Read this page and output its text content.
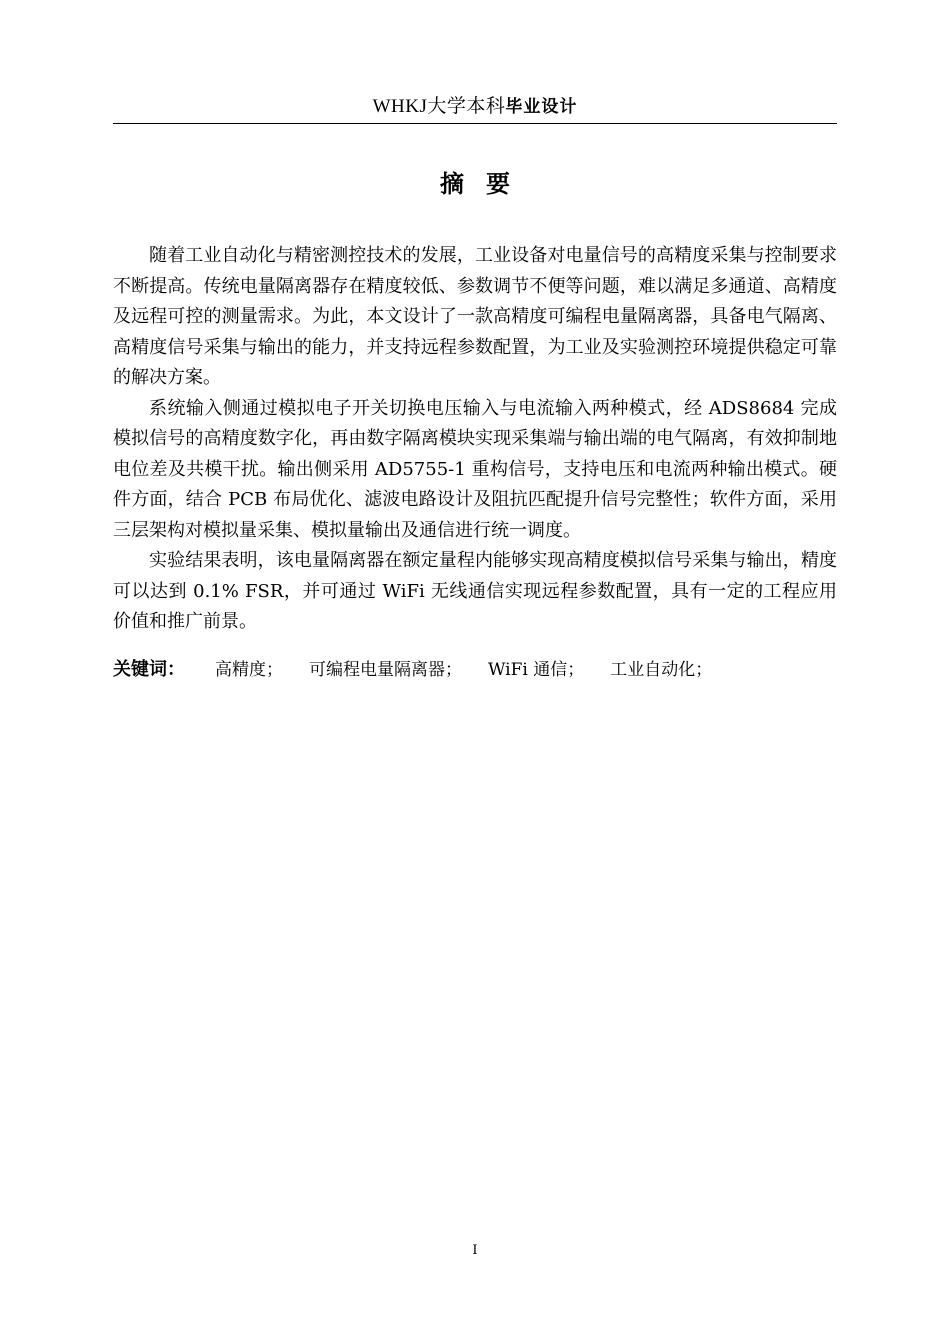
WHKJ大学本科毕业设计
摘要

随着工业自动化与精密测控技术的发展，工业设备对电量信号的高精度采集与控制要求不断提高。传统电量隔离器存在精度较低、参数调节不便等问题，难以满足多通道、高精度及远程可控的测量需求。为此，本文设计了一款高精度可编程电量隔离器，具备电气隔离、高精度信号采集与输出的能力，并支持远程参数配置，为工业及实验测控环境提供稳定可靠的解决方案。

系统输入侧通过模拟电子开关切换电压输入与电流输入两种模式，经 ADS8684 完成模拟信号的高精度数字化，再由数字隔离模块实现采集端与输出端的电气隔离，有效抑制地电位差及共模干扰。输出侧采用 AD5755-1 重构信号，支持电压和电流两种输出模式。硬件方面，结合 PCB 布局优化、滤波电路设计及阻抗匹配提升信号完整性；软件方面，采用三层架构对模拟量采集、模拟量输出及通信进行统一调度。

实验结果表明，该电量隔离器在额定量程内能够实现高精度模拟信号采集与输出，精度可以达到 0.1% FSR，并可通过 WiFi 无线通信实现远程参数配置，具有一定的工程应用价值和推广前景。

关键词： 高精度； 可编程电量隔离器； WiFi 通信； 工业自动化；
I
